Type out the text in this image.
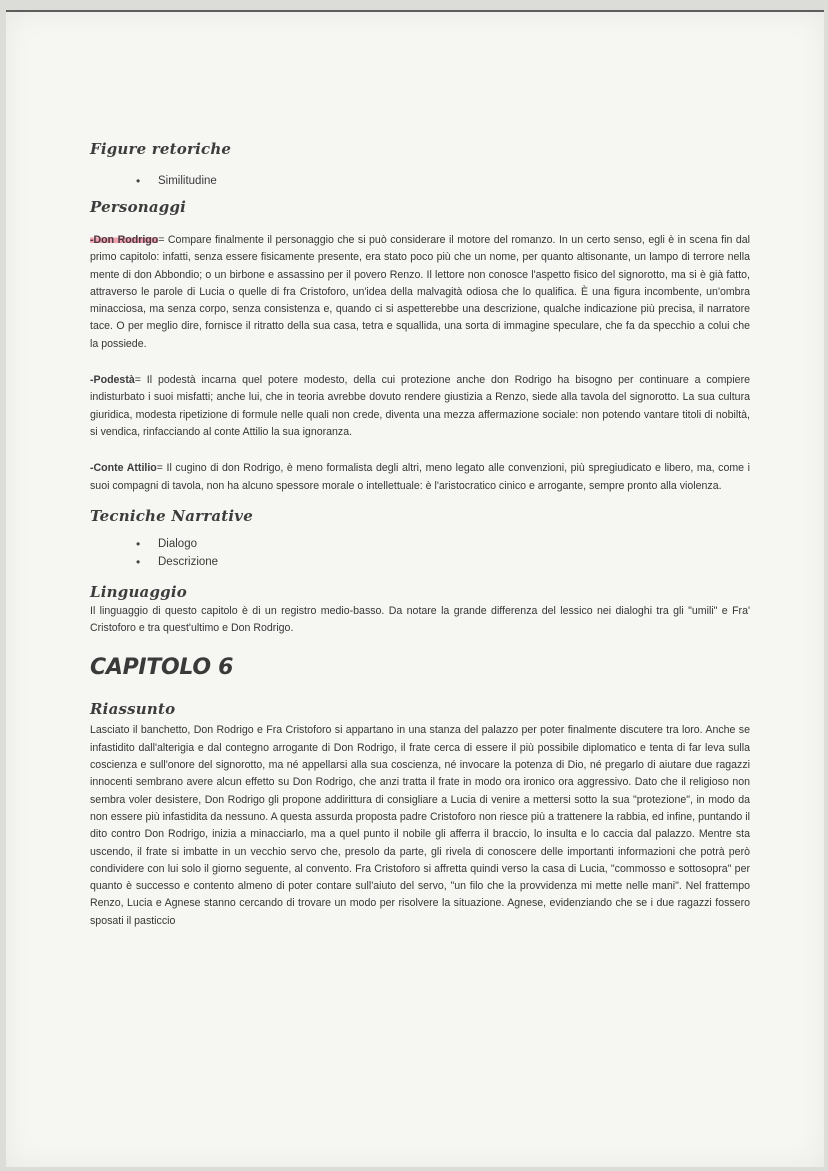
Figure retoriche
• Similitudine
Personaggi

-Don Rodrigo= Compare finalmente il personaggio che si può considerare il motore del romanzo. In un certo senso, egli è in scena fin dal primo capitolo: infatti, senza essere fisicamente presente, era stato poco più che un nome, per quanto altisonante, un lampo di terrore nella mente di don Abbondio; o un birbone e assassino per il povero Renzo. Il lettore non conosce l'aspetto fisico del signorotto, ma si è già fatto, attraverso le parole di Lucia o quelle di fra Cristoforo, un'idea della malvagità odiosa che lo qualifica. È una figura incombente, un'ombra minacciosa, ma senza corpo, senza consistenza e, quando ci si aspetterebbe una descrizione, qualche indicazione più precisa, il narratore tace. O per meglio dire, fornisce il ritratto della sua casa, tetra e squallida, una sorta di immagine speculare, che fa da specchio a colui che la possiede.

-Podestà= Il podestà incarna quel potere modesto, della cui protezione anche don Rodrigo ha bisogno per continuare a compiere indisturbato i suoi misfatti; anche lui, che in teoria avrebbe dovuto rendere giustizia a Renzo, siede alla tavola del signorotto. La sua cultura giuridica, modesta ripetizione di formule nelle quali non crede, diventa una mezza affermazione sociale: non potendo vantare titoli di nobiltà, si vendica, rinfacciando al conte Attilio la sua ignoranza.

-Conte Attilio= Il cugino di don Rodrigo, è meno formalista degli altri, meno legato alle convenzioni, più spregiudicato e libero, ma, come i suoi compagni di tavola, non ha alcuno spessore morale o intellettuale: è l'aristocratico cinico e arrogante, sempre pronto alla violenza.

Tecniche Narrative
• Dialogo
• Descrizione
Linguaggio

Il linguaggio di questo capitolo è di un registro medio-basso. Da notare la grande differenza del lessico nei dialoghi tra gli "umili" e Fra' Cristoforo e tra quest'ultimo e Don Rodrigo.

CAPITOLO 6
Riassunto

Lasciato il banchetto, Don Rodrigo e Fra Cristoforo si appartano in una stanza del palazzo per poter finalmente discutere tra loro. Anche se infastidito dall'alterigia e dal contegno arrogante di Don Rodrigo, il frate cerca di essere il più possibile diplomatico e tenta di far leva sulla coscienza e sull'onore del signorotto, ma né appellarsi alla sua coscienza, né invocare la potenza di Dio, né pregarlo di aiutare due ragazzi innocenti sembrano avere alcun effetto su Don Rodrigo, che anzi tratta il frate in modo ora ironico ora aggressivo. Dato che il religioso non sembra voler desistere, Don Rodrigo gli propone addirittura di consigliare a Lucia di venire a mettersi sotto la sua "protezione", in modo da non essere più infastidita da nessuno. A questa assurda proposta padre Cristoforo non riesce più a trattenere la rabbia, ed infine, puntando il dito contro Don Rodrigo, inizia a minacciarlo, ma a quel punto il nobile gli afferra il braccio, lo insulta e lo caccia dal palazzo. Mentre sta uscendo, il frate si imbatte in un vecchio servo che, presolo da parte, gli rivela di conoscere delle importanti informazioni che potrà però condividere con lui solo il giorno seguente, al convento. Fra Cristoforo si affretta quindi verso la casa di Lucia, "commosso e sottosopra" per quanto è successo e contento almeno di poter contare sull'aiuto del servo, "un filo che la provvidenza mi mette nelle mani". Nel frattempo Renzo, Lucia e Agnese stanno cercando di trovare un modo per risolvere la situazione. Agnese, evidenziando che se i due ragazzi fossero sposati il pasticcio
